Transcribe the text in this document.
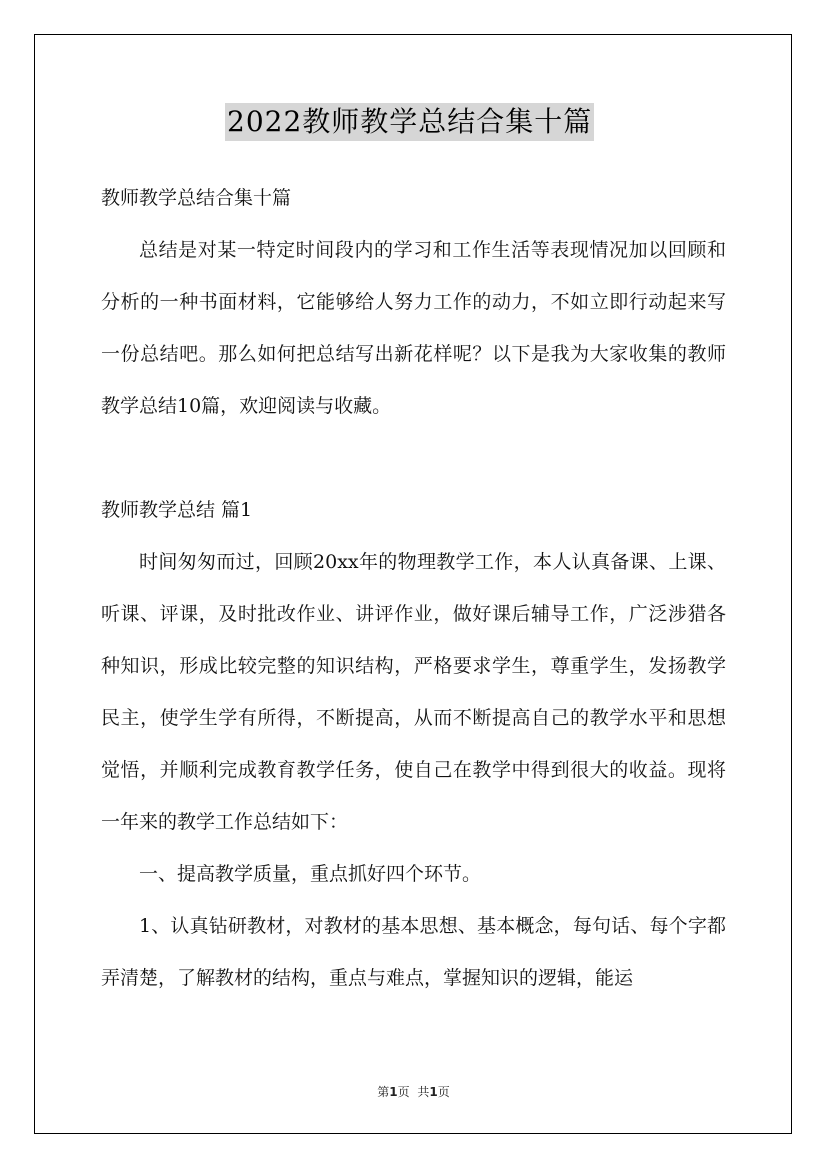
2022教师教学总结合集十篇

教师教学总结合集十篇

总结是对某一特定时间段内的学习和工作生活等表现情况加以回顾和分析的一种书面材料，它能够给人努力工作的动力，不如立即行动起来写一份总结吧。那么如何把总结写出新花样呢？以下是我为大家收集的教师教学总结10篇，欢迎阅读与收藏。

教师教学总结 篇1

时间匆匆而过，回顾20xx年的物理教学工作，本人认真备课、上课、听课、评课，及时批改作业、讲评作业，做好课后辅导工作，广泛涉猎各种知识，形成比较完整的知识结构，严格要求学生，尊重学生，发扬教学民主，使学生学有所得，不断提高，从而不断提高自己的教学水平和思想觉悟，并顺利完成教育教学任务，使自己在教学中得到很大的收益。现将一年来的教学工作总结如下：

一、提高教学质量，重点抓好四个环节。

1、认真钻研教材，对教材的基本思想、基本概念，每句话、每个字都弄清楚，了解教材的结构，重点与难点，掌握知识的逻辑，能运

第1页 共1页
